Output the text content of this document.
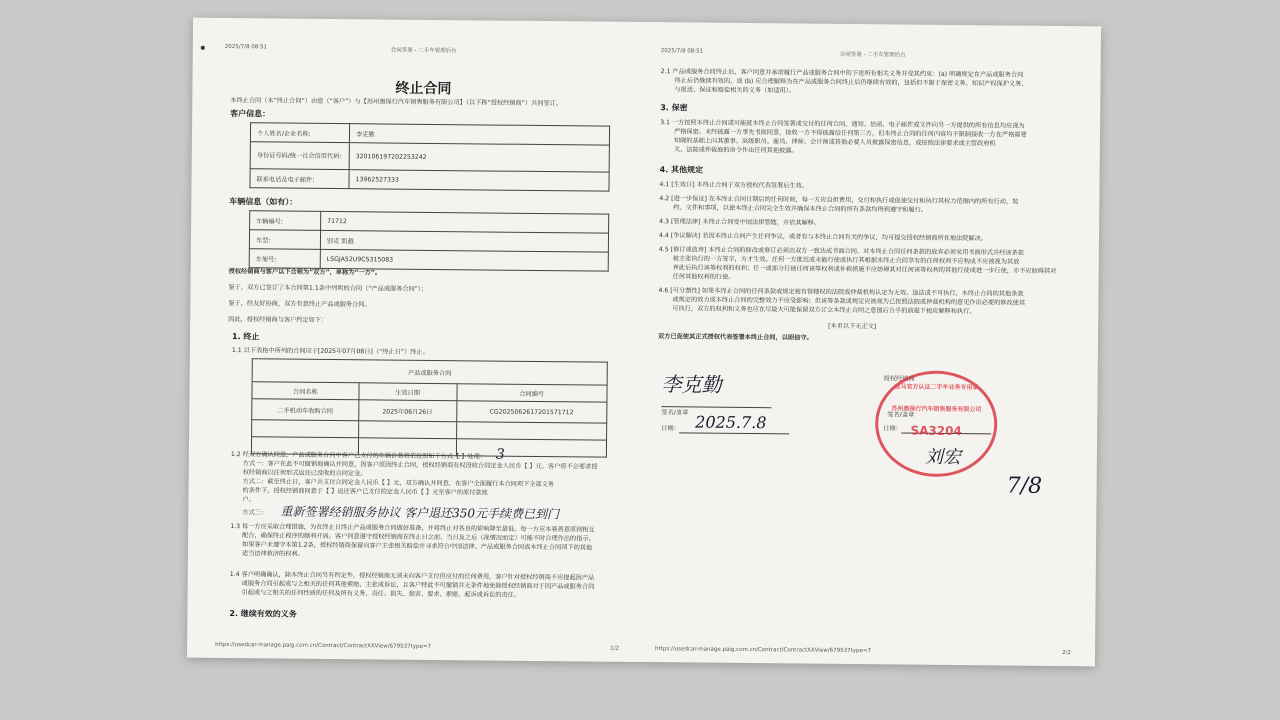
2025/7/8 08:51
合同签署 - 二手车管理后台
终止合同
本终止合同（本“终止合同”）由您（“客户”）与【苏州奥保行汽车销售服务有限公司】（以下称“授权经销商”）共同签订。
客户信息：
个人姓名/企业名称:	李克勤
身份证号码/统一社会信用代码:	320106197202253242
联系电话及电子邮件:	13962527333
车辆信息（如有）：
车辆编号:	71712
车型:	别克 凯越
车架号:	LSGJA52U9CS315083
授权经销商与客户以下合称为“双方”，单称为“一方”。
鉴于，双方已签订了本合同第1.1条中列明的合同（“产品或服务合同”）；
鉴于，经友好协商，双方有意终止产品或服务合同。
因此，授权经销商与客户约定如下：
1. 终止
1.1 以下表格中所列的合同应于[2025年07月08日]（“终止日”）终止。
产品或服务合同		
合同名称	生效日期	合同编号
二手机动车收购合同	2025年06月26日	CG20250626172015717​12

1.2 经双方确认同意，产品或服务合同中客户已支付的车辆价款将依按照如下方式【 】处理：
方式一：客户在此不可撤销地确认并同意，因客户原因终止合同，授权经销商有权没收合同定金人民币【 】元。客户将不会要求授
权经销商以任何形式返还已没收的合同定金。
方式二：截至终止日，客户共支付合同定金人民币【 】元，双方确认并同意，在客户全面履行本合同项下全部义务
的条件下，授权经销商同意于【 】返还客户已支付的定金人民币【 】元至客户的原付款账
户。
方式三：
3
重新签署经销服务协议 客户退还350元手续费已到门
1.3 每一方应采取合理措施，为在终止日终止产品或服务合同做好准备，并将终止对各自的影响降至最低。每一方应本着善意原则相互
配合，确保终止程序的顺利开展。客户同意遵守授权经销商在终止日之前、当日及之后（视情况而定）可能不时合理作出的指示。
如果客户未遵守本第1.2条，授权经销商保留向客户主张相关赔偿并寻求符合中国法律、产品或服务合同或本终止合同项下的其他
适当法律救济的权利。
1.4 客户明确确认，除本终止合同另有约定外，授权经销商无须未向客户支付但应付的任何费用，客户针对授权经销商不应提起因产品
或服务合同引起或与之相关的任何其他索赔、主张或诉讼，且客户特此不可撤销并无条件地免除授权经销商对于因产品或服务合同
引起或与之相关的任何性质的任何及所有义务、责任、损失、损害、要求、索赔、起诉或诉讼的责任。
2. 继续有效的义务
https://usedcar-manage.paig.com.cn/Contract/ContractXXView/679537type=7	1/2
2025/7/8 08:51
合同签署 - 二手车管理后台
2.1 产品或服务合同终止后，客户同意并承诺履行产品或服务合同中的下述所有相关义务并受其约束：(a) 明确规定在产品或服务合同
终止后仍继续有效的，或 (b) 应合理解释为在产品或服务合同终止后仍继续有效的，包括但不限于保密义务、知识产权保护义务、
与报送、保证和赔偿相关的义务（如适用）。
3. 保密
3.1 一方按照本终止合同或可能就本终止合同签署或交付的任何合同、通知、信函、电子邮件或文件向另一方提供的所有信息均应视为
严格保密。未经披露一方事先书面同意，接收一方不得披露给任何第三方，但本终止合同的任何内容均不限制接收一方在严格需要
知晓的基础上向其董事、高级职员、雇员、律师、会计师或其他必要人员披露保密信息，或按照法律要求或主管政府机
关、法院或仲裁庭的命令作出任何其他披露。
4. 其他规定
4.1 [生效日] 本终止合同于双方授权代表签署后生效。
4.2 [进一步保证] 在本终止合同日期后的任何时候，每一方应自担费用，交付和执行或促使交付和执行其权力范围内的所有行动、契
约、文件和事项，以使本终止合同完全生效并确保本终止合同的所有条款均得到遵守和履行。
4.3 [管理法律] 本终止合同受中国法律管辖，并依其解释。
4.4 [争议解决] 若因本终止合同产生任何争议，或者有与本终止合同有关的争议，均可提交授权经销商所在地法院解决。
4.5 [修订或放弃] 本终止合同的修改或修订必须由双方一致达成书面合同。对本终止合同任何条款的放弃必须采用书面形式并经该条款
被主张执行的一方签字，方才生效。任何一方推迟或未能行使或执行其根据本终止合同享有的任何权利不应构成不应被视为其放
弃此后执行该等权利的权利；任一或部分行使任何该等权利或补救措施不应妨碍其对任何该等权利的其他行使或进一步行使，亦不应妨碍其对
任何其他权利的行使。
4.6 [可分割性] 如果本终止合同的任何条款或规定被有管辖权的法院或仲裁机构认定为无效、违法或不可执行，本终止合同的其他条款
或规定的效力或本终止合同的完整效力不应受影响；但该等条款或规定应被视为已按照法院或仲裁机构的意见作出必要的修改使其
可执行，双方的权利和义务也应在尽最大可能保留双方订立本终止合同之意图后合乎的前提下相应解释和执行。
[本页以下无正文]
双方已促使其正式授权代表签署本终止合同，以昭信守。
李克勤
签名/盖章
日期： 2025.7.8
授权经销商
签名/盖章
日期：
宝马官方认证二手车业务专用章
苏州奥保行汽车销售服务有限公司
SA3204
刘宏
7/8
https://usedcar-manage.paig.com.cn/Contract/ContractXXView/679537type=7	2/2
